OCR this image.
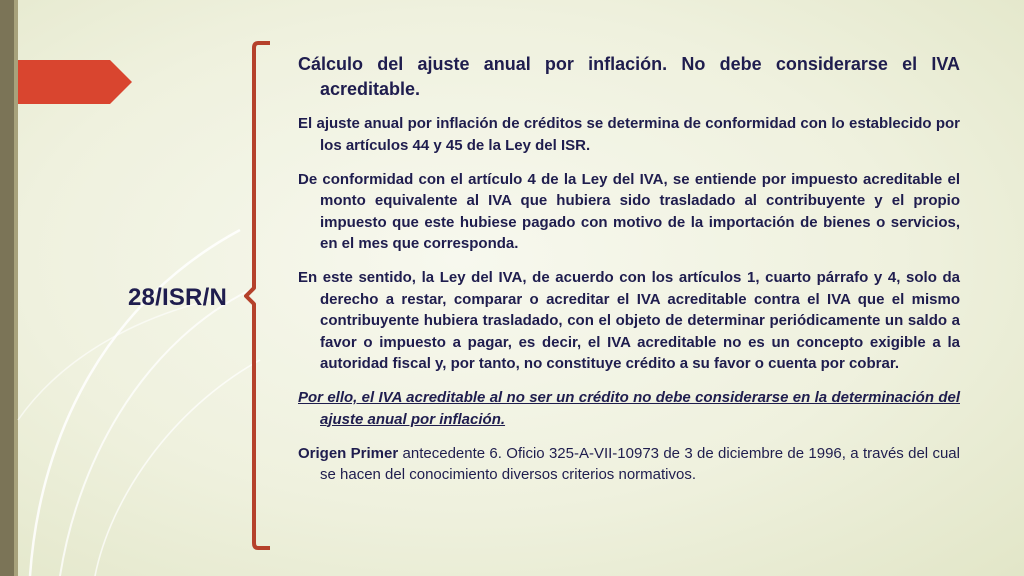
28/ISR/N

Cálculo del ajuste anual por inflación. No debe considerarse el IVA acreditable.

El ajuste anual por inflación de créditos se determina de conformidad con lo establecido por los artículos 44 y 45 de la Ley del ISR.

De conformidad con el artículo 4 de la Ley del IVA, se entiende por impuesto acreditable el monto equivalente al IVA que hubiera sido trasladado al contribuyente y el propio impuesto que este hubiese pagado con motivo de la importación de bienes o servicios, en el mes que corresponda.

En este sentido, la Ley del IVA, de acuerdo con los artículos 1, cuarto párrafo y 4, solo da derecho a restar, comparar o acreditar el IVA acreditable contra el IVA que el mismo contribuyente hubiera trasladado, con el objeto de determinar periódicamente un saldo a favor o impuesto a pagar, es decir, el IVA acreditable no es un concepto exigible a la autoridad fiscal y, por tanto, no constituye crédito a su favor o cuenta por cobrar.

Por ello, el IVA acreditable al no ser un crédito no debe considerarse en la determinación del ajuste anual por inflación.

Origen Primer antecedente 6. Oficio 325-A-VII-10973 de 3 de diciembre de 1996, a través del cual se hacen del conocimiento diversos criterios normativos.
